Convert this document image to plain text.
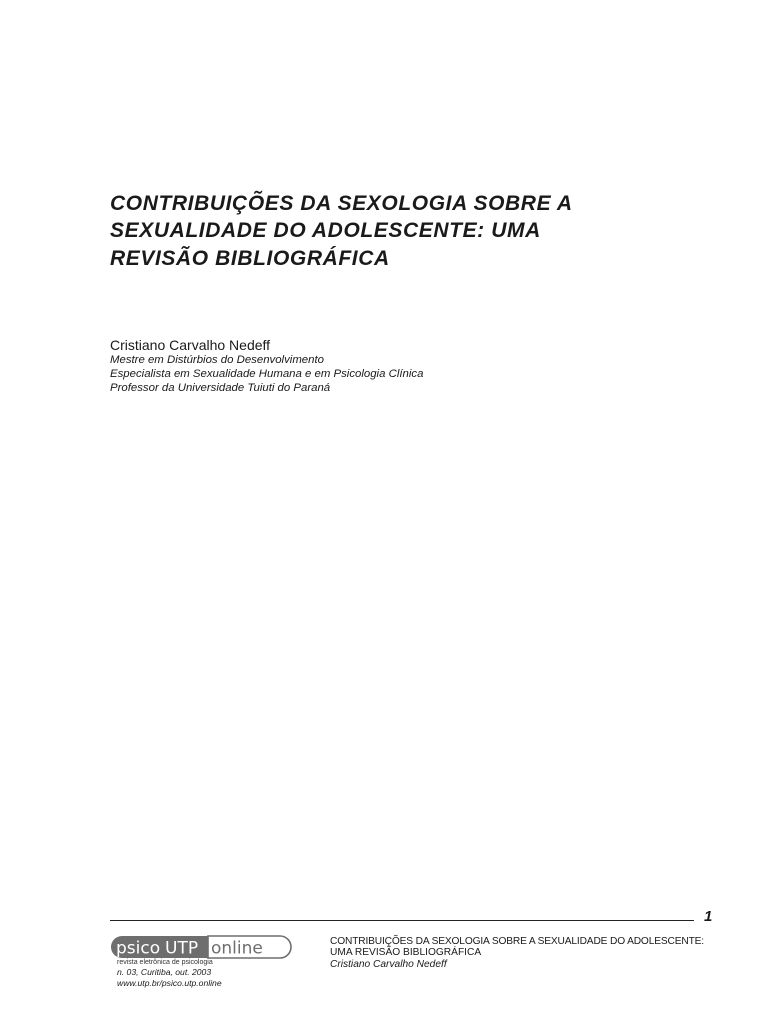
CONTRIBUIÇÕES DA SEXOLOGIA SOBRE A
SEXUALIDADE DO ADOLESCENTE: UMA
REVISÃO BIBLIOGRÁFICA
Cristiano Carvalho Nedeff
Mestre em Distúrbios do Desenvolvimento
Especialista em Sexualidade Humana e em Psicologia Clínica
Professor da Universidade Tuiuti do Paraná
1
psico UTP online
revista eletrônica de psicologia
n. 03, Curitiba, out. 2003
www.utp.br/psico.utp.online
CONTRIBUIÇÕES DA SEXOLOGIA SOBRE A SEXUALIDADE DO ADOLESCENTE:
UMA REVISÃO BIBLIOGRÁFICA
Cristiano Carvalho Nedeff
